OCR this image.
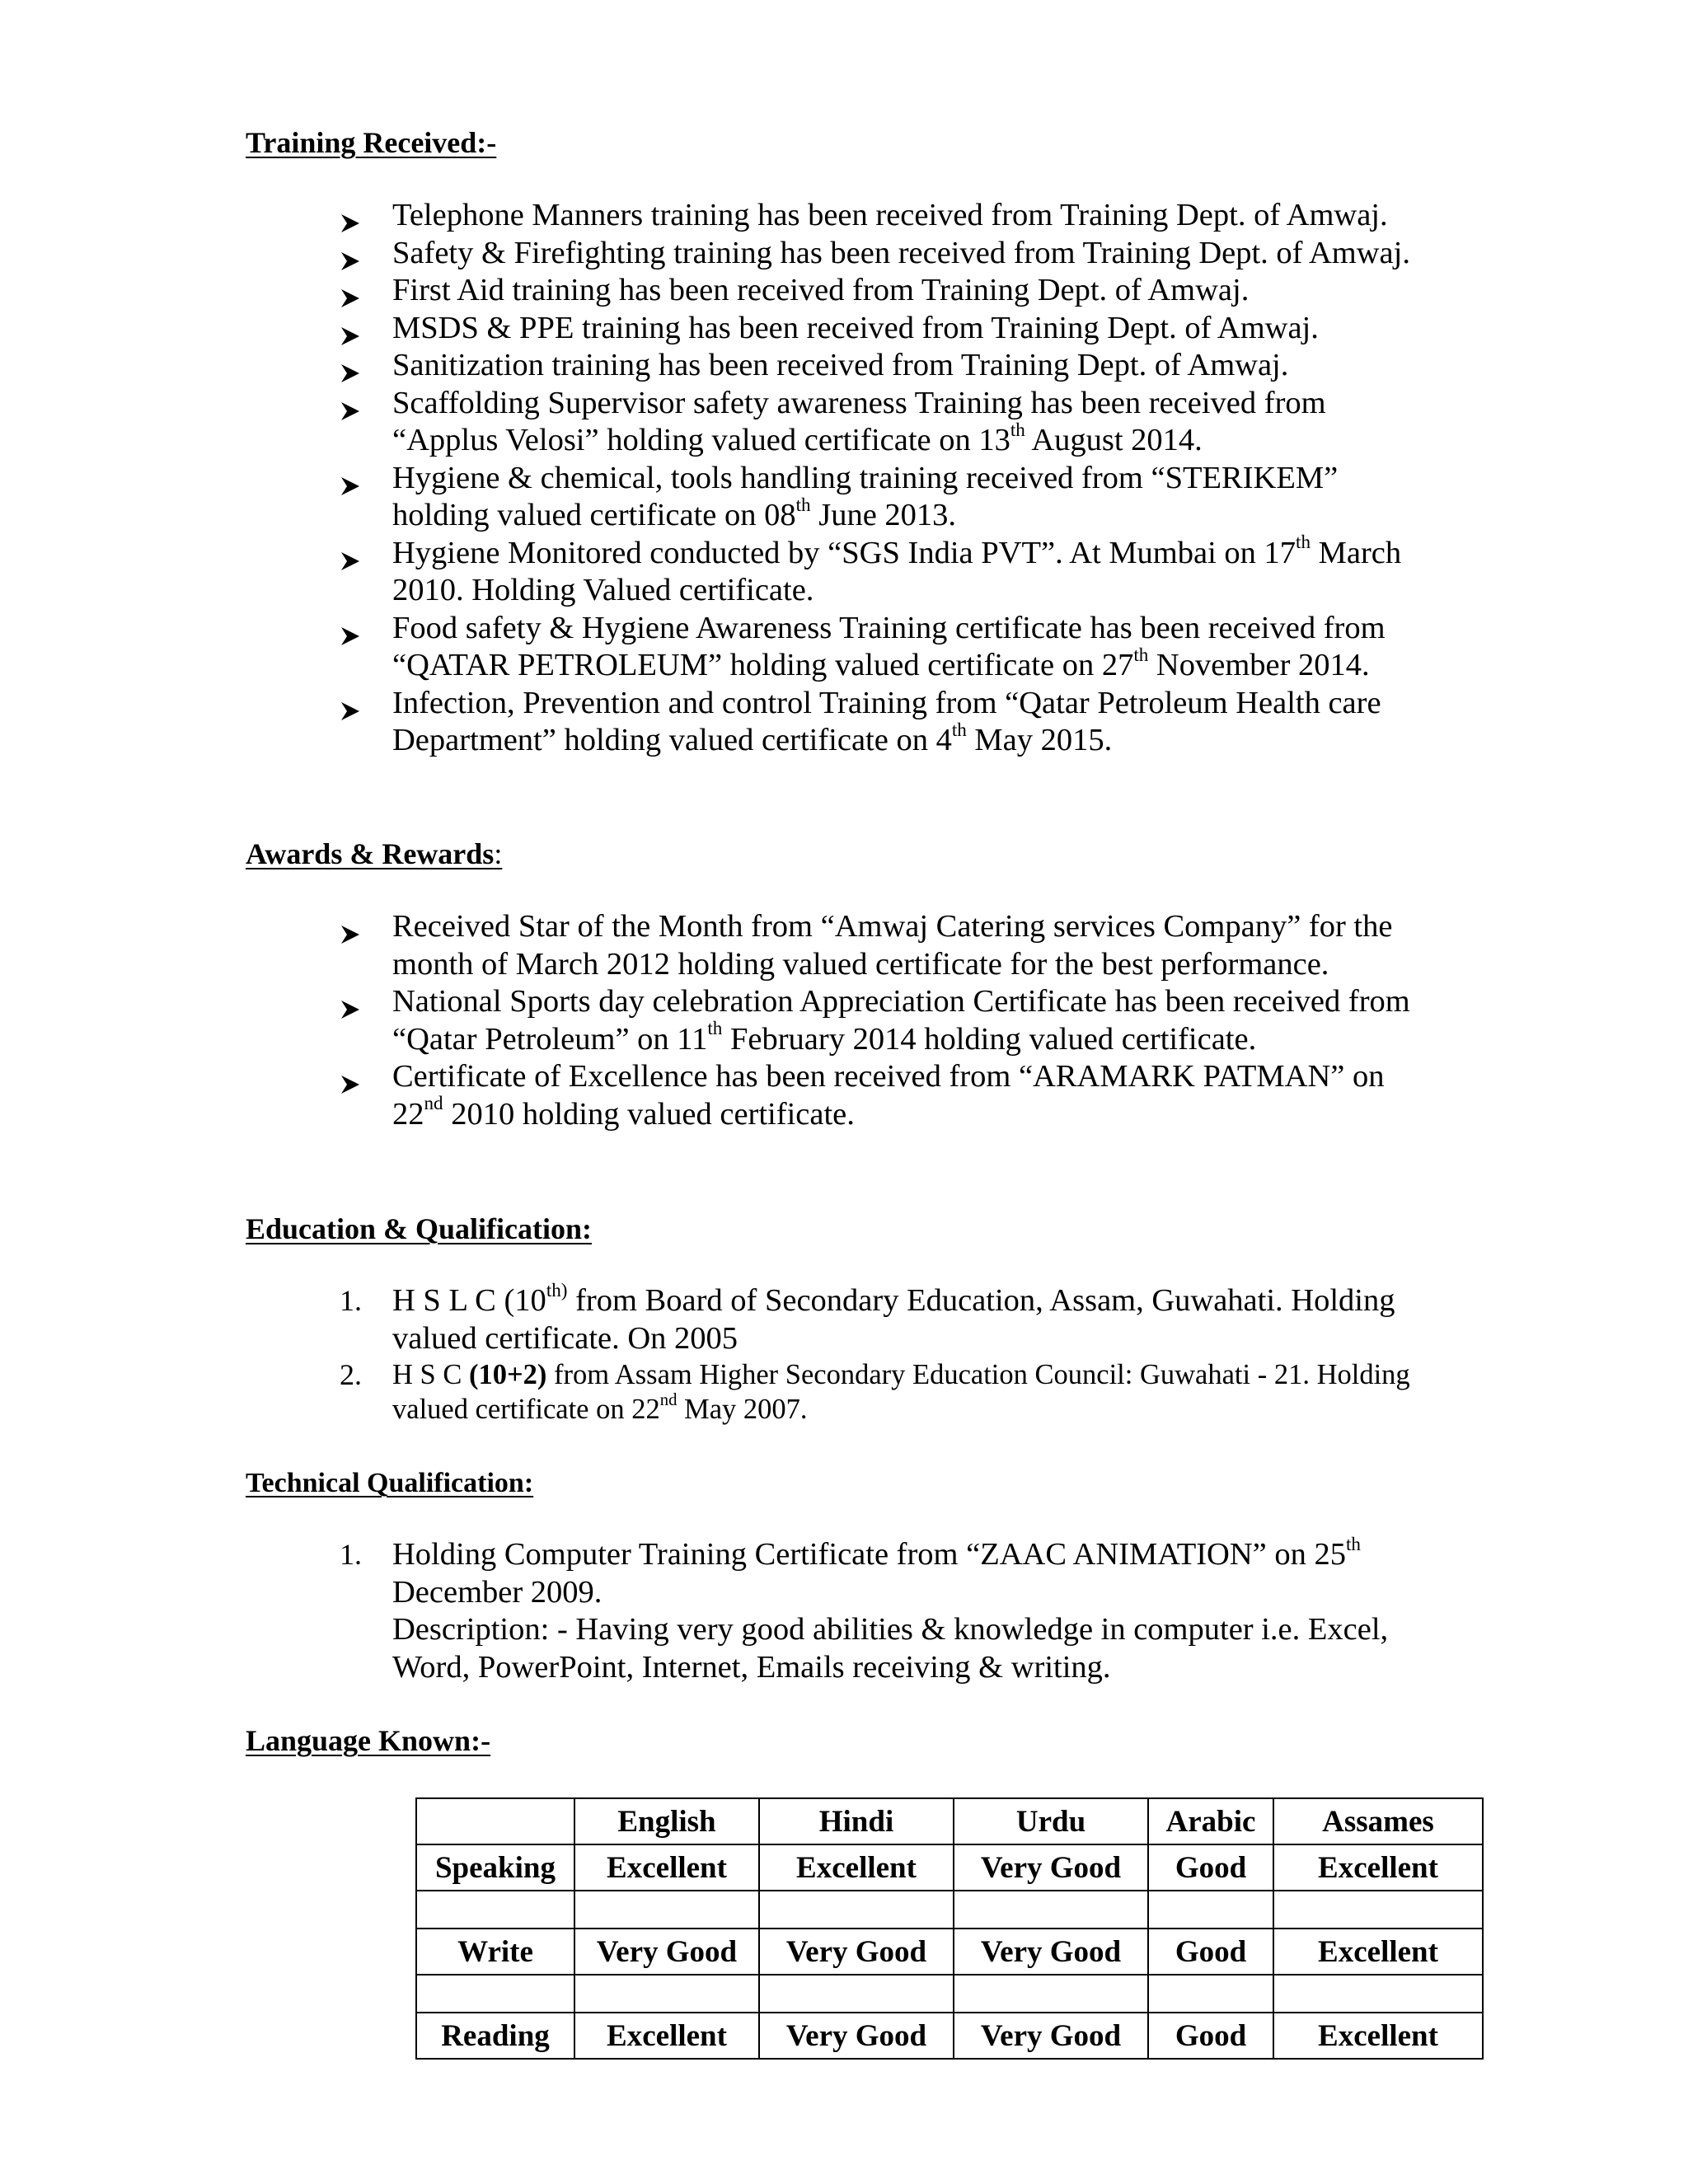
Training Received:-
Telephone Manners training has been received from Training Dept. of Amwaj.
Safety & Firefighting training has been received from Training Dept. of Amwaj.
First Aid training has been received from Training Dept. of Amwaj.
MSDS & PPE training has been received from Training Dept. of Amwaj.
Sanitization training has been received from Training Dept. of Amwaj.
Scaffolding Supervisor safety awareness Training has been received from
“Applus Velosi” holding valued certificate on 13th August 2014.
Hygiene & chemical, tools handling training received from “STERIKEM”
holding valued certificate on 08th June 2013.
Hygiene Monitored conducted by “SGS India PVT”. At Mumbai on 17th March
2010. Holding Valued certificate.
Food safety & Hygiene Awareness Training certificate has been received from
“QATAR PETROLEUM” holding valued certificate on 27th November 2014.
Infection, Prevention and control Training from “Qatar Petroleum Health care
Department” holding valued certificate on 4th May 2015.
Awards & Rewards:
Received Star of the Month from “Amwaj Catering services Company” for the
month of March 2012 holding valued certificate for the best performance.
National Sports day celebration Appreciation Certificate has been received from
“Qatar Petroleum” on 11th February 2014 holding valued certificate.
Certificate of Excellence has been received from “ARAMARK PATMAN” on
22nd 2010 holding valued certificate.
Education & Qualification:
1. H S L C ($10^{th)}$ from Board of Secondary Education, Assam, Guwahati. Holding
valued certificate. On 2005
2.	H S C (10+2) from Assam Higher Secondary Education Council: Guwahati - 21. Holding
valued certificate on 22nd May 2007.
Technical Qualification:
1. Holding Computer Training Certificate from “ZAAC ANIMATION” on 25th
December 2009.
Description: - Having very good abilities & knowledge in computer i.e. Excel,
Word, PowerPoint, Internet, Emails receiving & writing.
Language Known:-
	English	Hindi	Urdu	Arabic	Assames
Speaking	Excellent	Excellent	Very Good	Good	Excellent

Write	Very Good	Very Good	Very Good	Good	Excellent

Reading	Excellent	Very Good	Very Good	Good	Excellent
